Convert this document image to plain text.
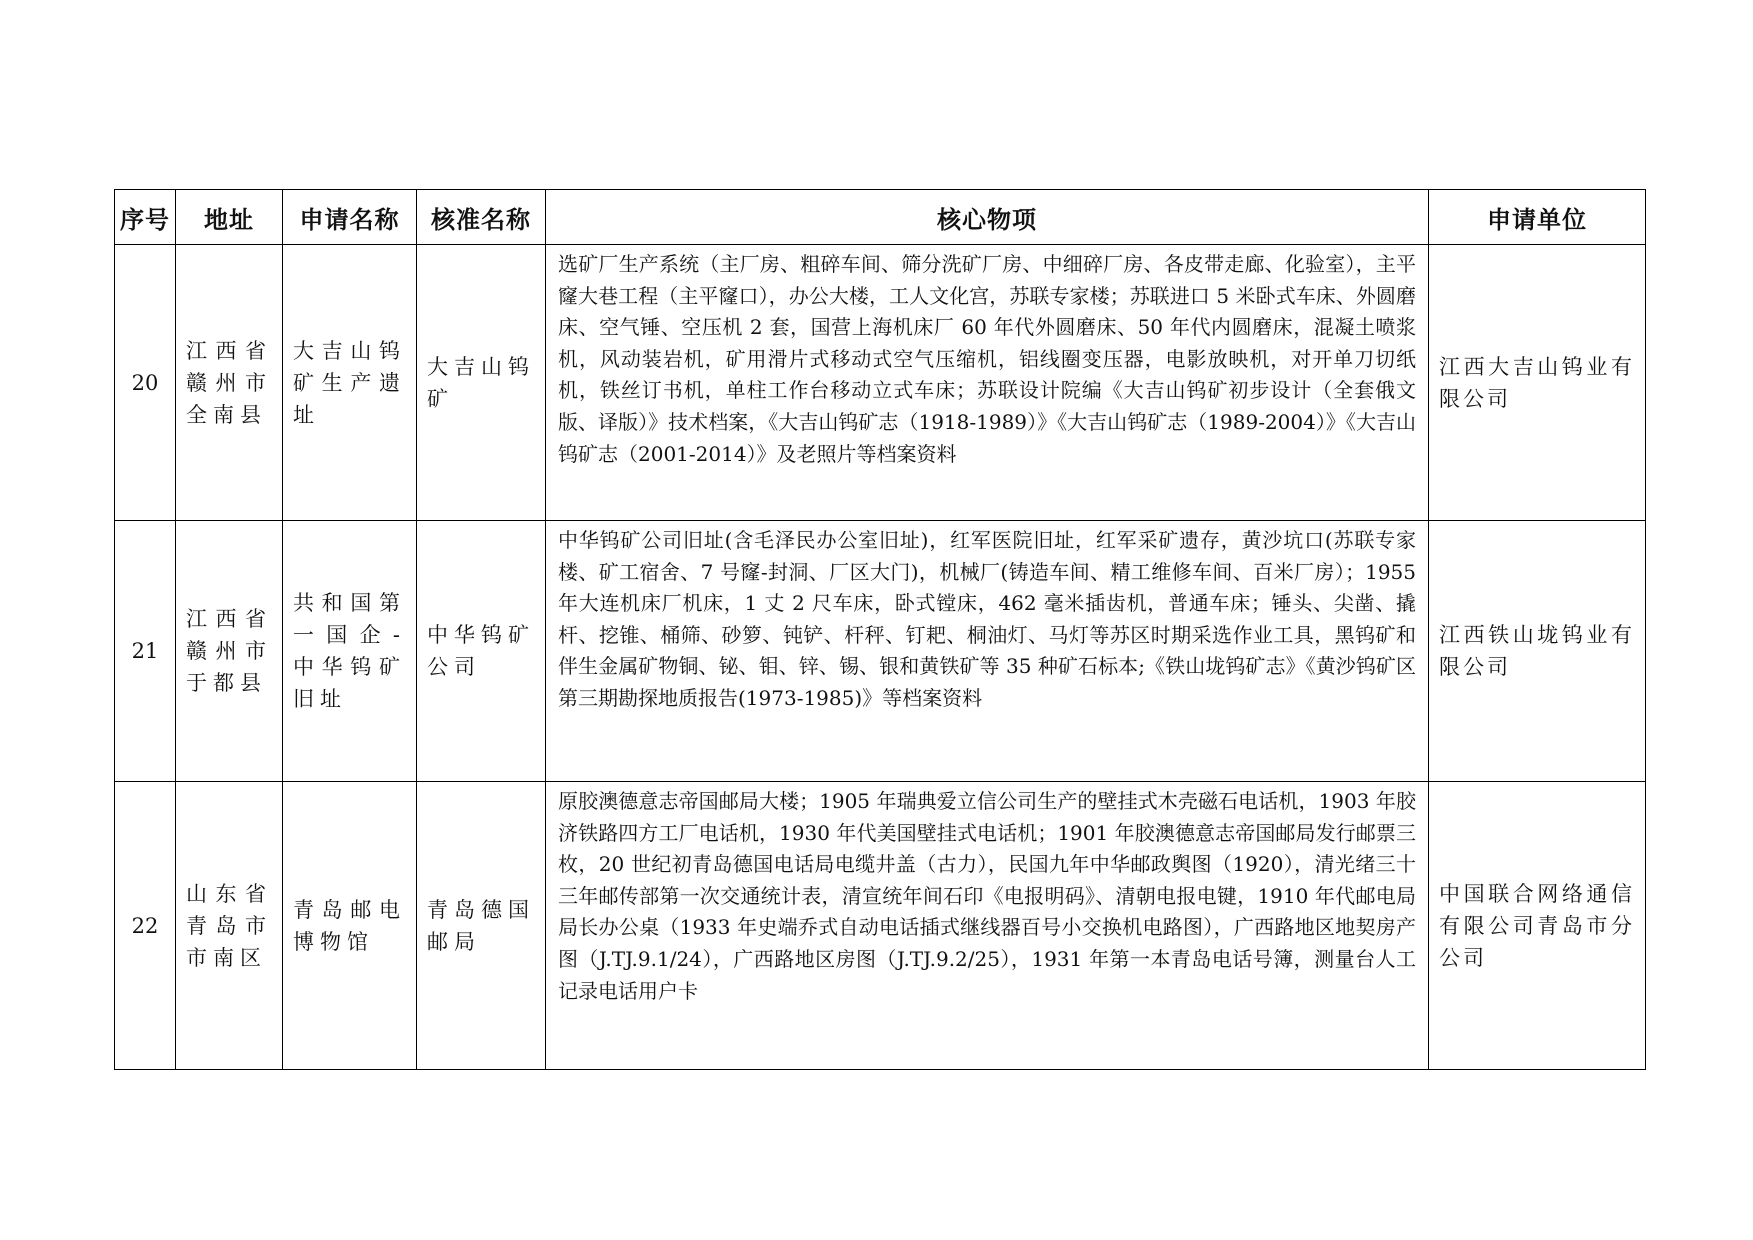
序号	地址	申请名称	核准名称	核心物项	申请单位
20	江西省赣州市全南县	大吉山钨矿生产遗址	大吉山钨矿	选矿厂生产系统（主厂房、粗碎车间、筛分洗矿厂房、中细碎厂房、各皮带走廊、化验室），主平窿大巷工程（主平窿口），办公大楼，工人文化宫，苏联专家楼；苏联进口 5 米卧式车床、外圆磨床、空气锤、空压机 2 套，国营上海机床厂 60 年代外圆磨床、50 年代内圆磨床，混凝土喷浆机，风动装岩机，矿用滑片式移动式空气压缩机，铝线圈变压器，电影放映机，对开单刀切纸机，铁丝订书机，单柱工作台移动立式车床；苏联设计院编《大吉山钨矿初步设计（全套俄文版、译版）》技术档案，《大吉山钨矿志（1918-1989）》《大吉山钨矿志（1989-2004）》《大吉山钨矿志（2001-2014）》及老照片等档案资料	江西大吉山钨业有限公司
21	江西省赣州市于都县	共和国第一国企-中华钨矿旧址	中华钨矿公司	中华钨矿公司旧址(含毛泽民办公室旧址)，红军医院旧址，红军采矿遗存，黄沙坑口(苏联专家楼、矿工宿舍、7 号窿-封洞、厂区大门)，机械厂(铸造车间、精工维修车间、百米厂房）；1955 年大连机床厂机床，1 丈 2 尺车床，卧式镗床，462 毫米插齿机，普通车床；锤头、尖凿、撬杆、挖锥、桶筛、砂箩、钝铲、杆秤、钉耙、桐油灯、马灯等苏区时期采选作业工具，黑钨矿和伴生金属矿物铜、铋、钼、锌、锡、银和黄铁矿等 35 种矿石标本;《铁山垅钨矿志》《黄沙钨矿区第三期勘探地质报告(1973-1985)》等档案资料	江西铁山垅钨业有限公司
22	山东省青岛市市南区	青岛邮电博物馆	青岛德国邮局	原胶澳德意志帝国邮局大楼；1905 年瑞典爱立信公司生产的壁挂式木壳磁石电话机，1903 年胶济铁路四方工厂电话机，1930 年代美国壁挂式电话机；1901 年胶澳德意志帝国邮局发行邮票三枚，20 世纪初青岛德国电话局电缆井盖（古力），民国九年中华邮政舆图（1920），清光绪三十三年邮传部第一次交通统计表，清宣统年间石印《电报明码》、清朝电报电键，1910 年代邮电局局长办公桌（1933 年史端乔式自动电话插式继线器百号小交换机电路图），广西路地区地契房产图（J.TJ.9.1/24），广西路地区房图（J.TJ.9.2/25），1931 年第一本青岛电话号簿，测量台人工记录电话用户卡	中国联合网络通信有限公司青岛市分公司
